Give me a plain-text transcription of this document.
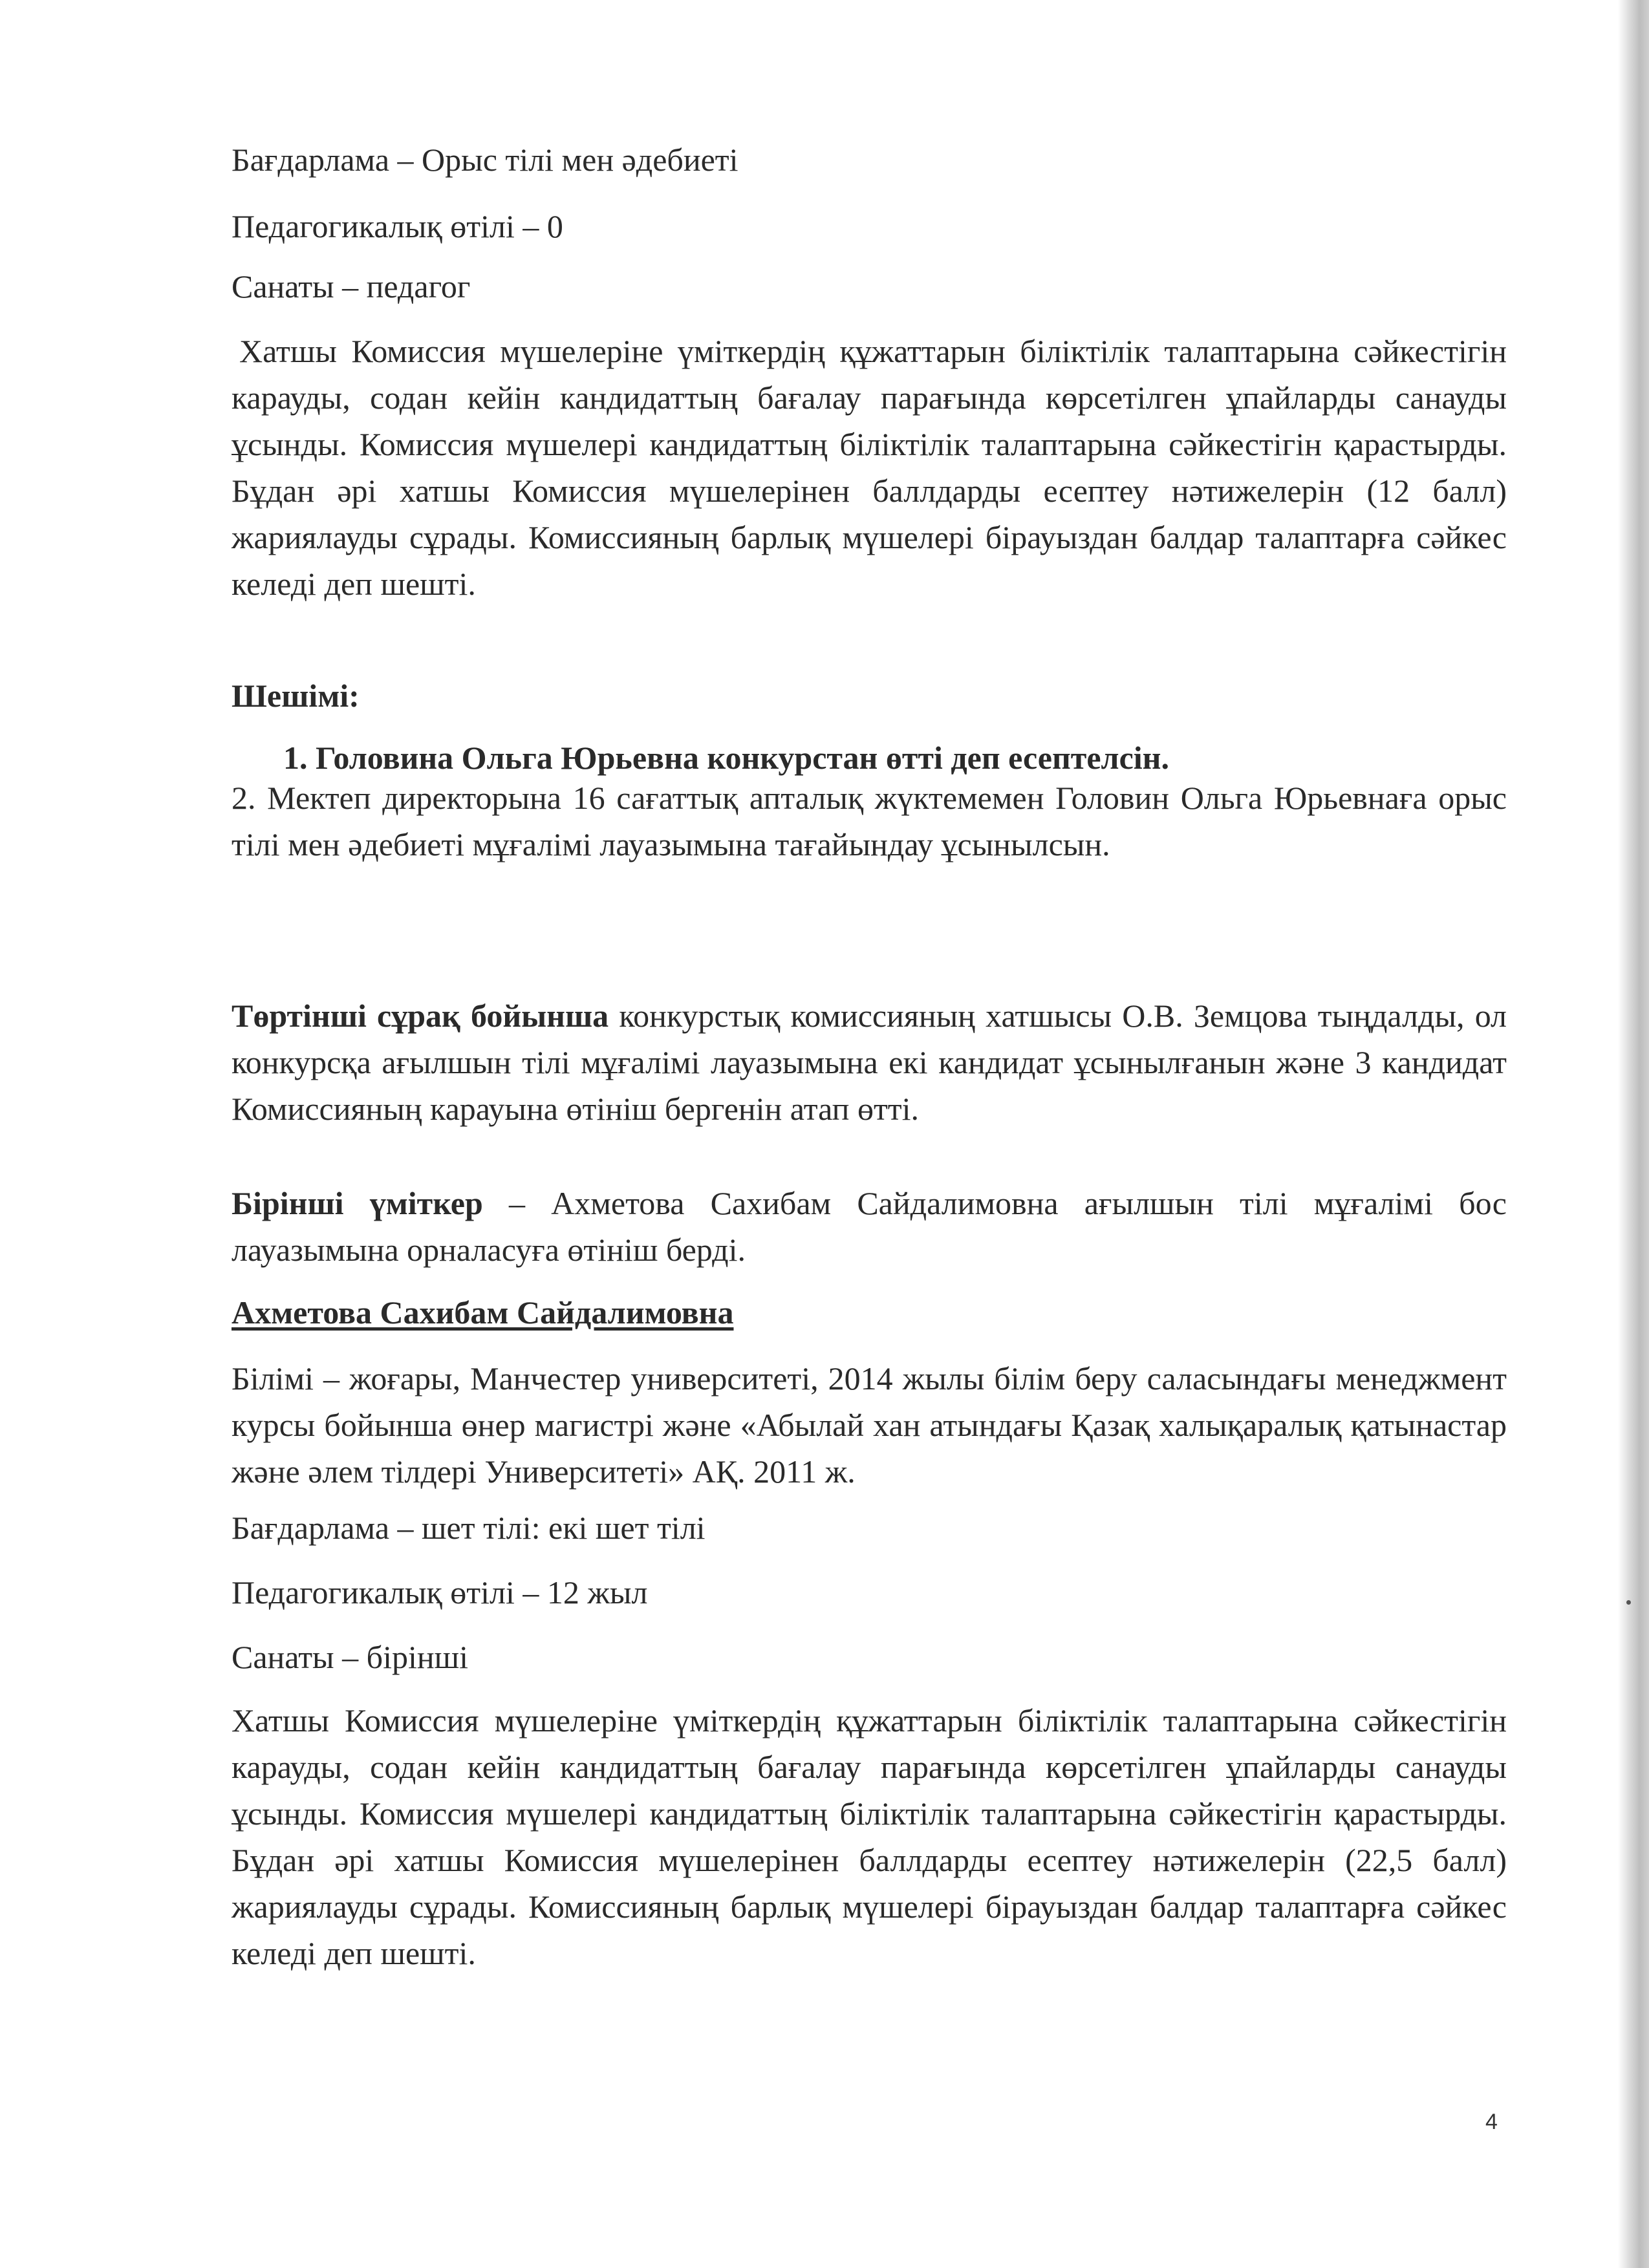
Бағдарлама – Орыс тілі мен әдебиеті
Педагогикалық өтілі – 0
Санаты – педагог
Хатшы Комиссия мүшелеріне үміткердің құжаттарын біліктілік талаптарына сәйкестігін карауды, содан кейін кандидаттың бағалау парағында көрсетілген ұпайларды санауды ұсынды. Комиссия мүшелері кандидаттың біліктілік талаптарына сәйкестігін қарастырды. Бұдан әрі хатшы Комиссия мүшелерінен баллдарды есептеу нәтижелерін (12 балл) жариялауды сұрады. Комиссияның барлық мүшелері бірауыздан балдар талаптарға сәйкес келеді деп шешті.
Шешімі:
1. Головина Ольга Юрьевна конкурстан өтті деп есептелсін.
2. Мектеп директорына 16 сағаттық апталық жүктемемен Головин Ольга Юрьевнаға орыс тілі мен әдебиеті мұғалімі лауазымына тағайындау ұсынылсын.
Төртінші сұрақ бойынша конкурстық комиссияның хатшысы О.В. Земцова тыңдалды, ол конкурсқа ағылшын тілі мұғалімі лауазымына екі кандидат ұсынылғанын және 3 кандидат Комиссияның карауына өтініш бергенін атап өтті.
Бірінші үміткер – Ахметова Сахибам Сайдалимовна ағылшын тілі мұғалімі бос лауазымына орналасуға өтініш берді.
Ахметова Сахибам Сайдалимовна
Білімі – жоғары, Манчестер университеті, 2014 жылы білім беру саласындағы менеджмент курсы бойынша өнер магистрі және «Абылай хан атындағы Қазақ халықаралық қатынастар және әлем тілдері Университеті» АҚ. 2011 ж.
Бағдарлама – шет тілі: екі шет тілі
Педагогикалық өтілі – 12 жыл
Санаты – бірінші
Хатшы Комиссия мүшелеріне үміткердің құжаттарын біліктілік талаптарына сәйкестігін карауды, содан кейін кандидаттың бағалау парағында көрсетілген ұпайларды санауды ұсынды. Комиссия мүшелері кандидаттың біліктілік талаптарына сәйкестігін қарастырды. Бұдан әрі хатшы Комиссия мүшелерінен баллдарды есептеу нәтижелерін (22,5 балл) жариялауды сұрады. Комиссияның барлық мүшелері бірауыздан балдар талаптарға сәйкес келеді деп шешті.
4
